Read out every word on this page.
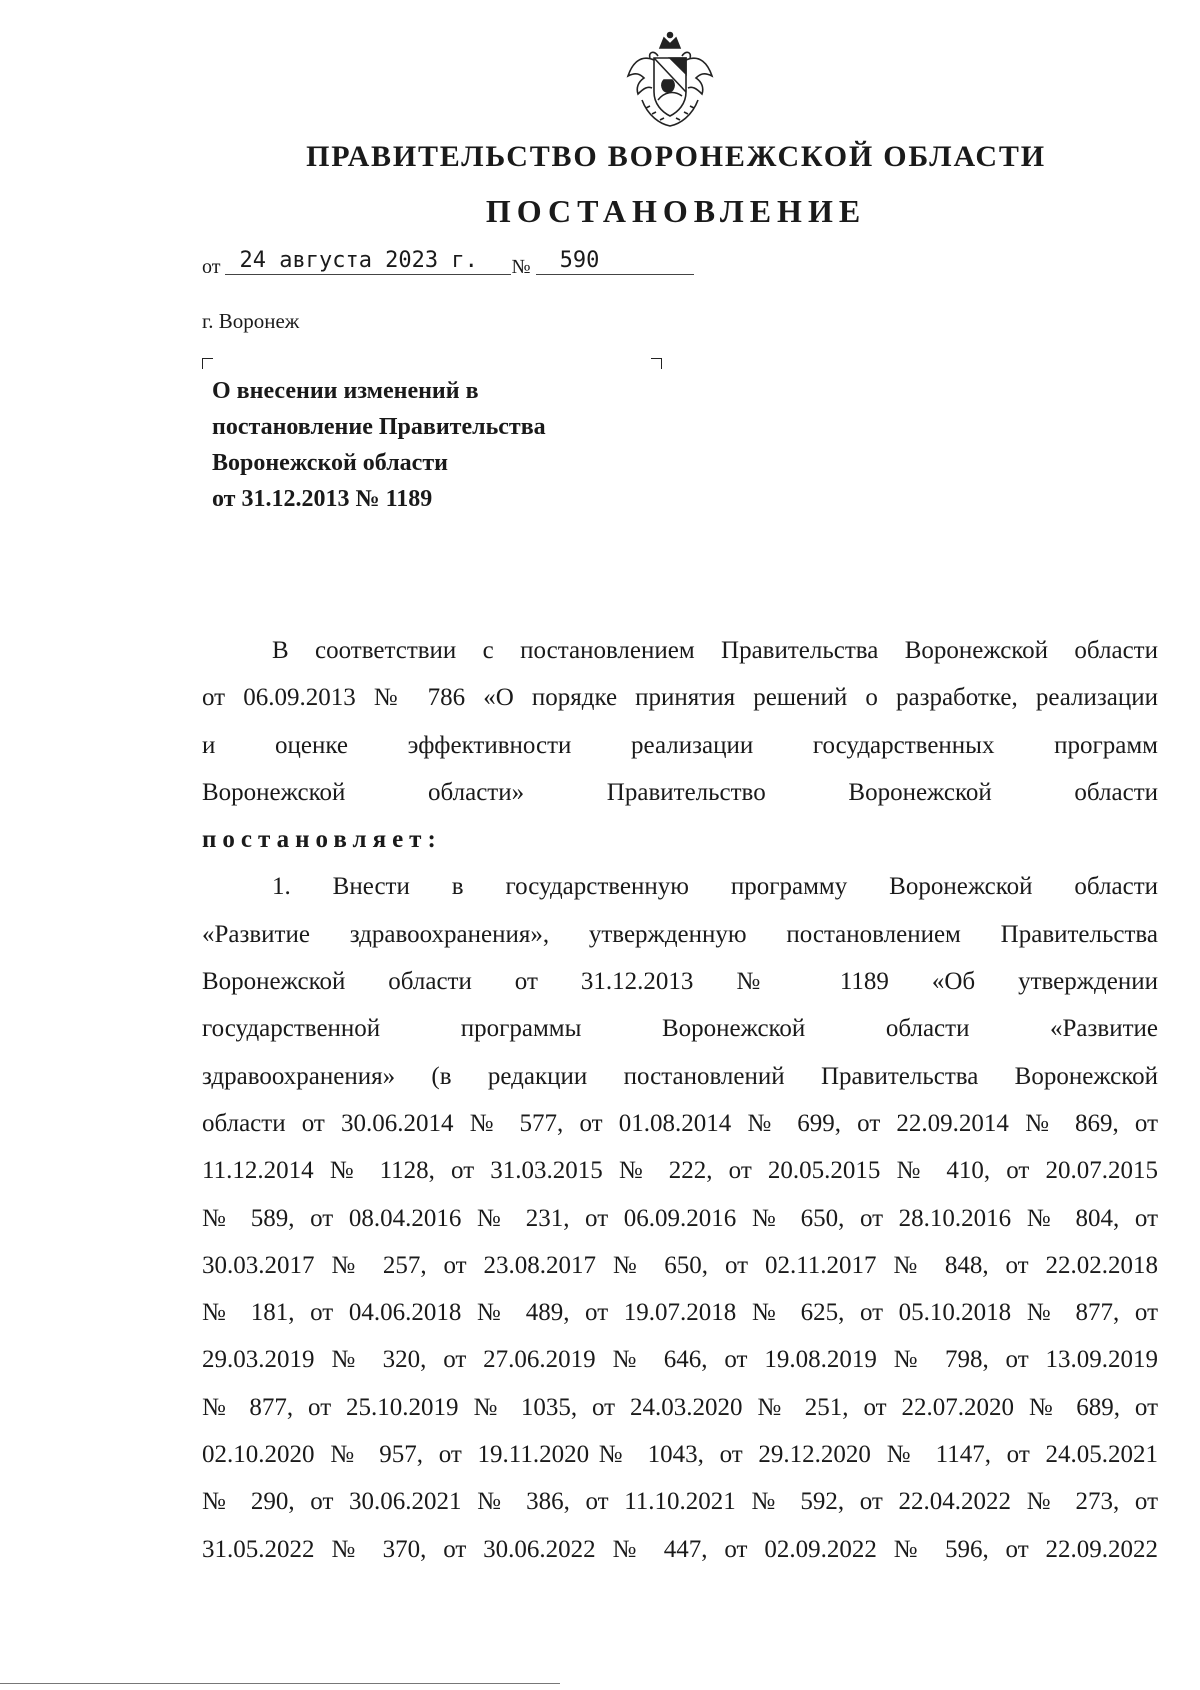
ПРАВИТЕЛЬСТВО ВОРОНЕЖСКОЙ ОБЛАСТИ
ПОСТАНОВЛЕНИЕ
от 24 августа 2023 г. № 590
г. Воронеж
О внесении изменений в
постановление Правительства
Воронежской области
от 31.12.2013 № 1189
В соответствии с постановлением Правительства Воронежской области
от 06.09.2013 № 786 «О порядке принятия решений о разработке, реализации
и оценке эффективности реализации государственных программ
Воронежской области» Правительство Воронежской области
постановляет:
1. Внести в государственную программу Воронежской области
«Развитие здравоохранения», утвержденную постановлением Правительства
Воронежской области от 31.12.2013 № 1189 «Об утверждении
государственной программы Воронежской области «Развитие
здравоохранения» (в редакции постановлений Правительства Воронежской
области от 30.06.2014 № 577, от 01.08.2014 № 699, от 22.09.2014 № 869, от
11.12.2014 № 1128, от 31.03.2015 № 222, от 20.05.2015 № 410, от 20.07.2015
№ 589, от 08.04.2016 № 231, от 06.09.2016 № 650, от 28.10.2016 № 804, от
30.03.2017 № 257, от 23.08.2017 № 650, от 02.11.2017 № 848, от 22.02.2018
№ 181, от 04.06.2018 № 489, от 19.07.2018 № 625, от 05.10.2018 № 877, от
29.03.2019 № 320, от 27.06.2019 № 646, от 19.08.2019 № 798, от 13.09.2019
№ 877, от 25.10.2019 № 1035, от 24.03.2020 № 251, от 22.07.2020 № 689, от
02.10.2020 № 957, от 19.11.2020№ 1043, от 29.12.2020 № 1147, от 24.05.2021
№ 290, от 30.06.2021 № 386, от 11.10.2021 № 592, от 22.04.2022 № 273, от
31.05.2022 № 370, от 30.06.2022 № 447, от 02.09.2022 № 596, от 22.09.2022
